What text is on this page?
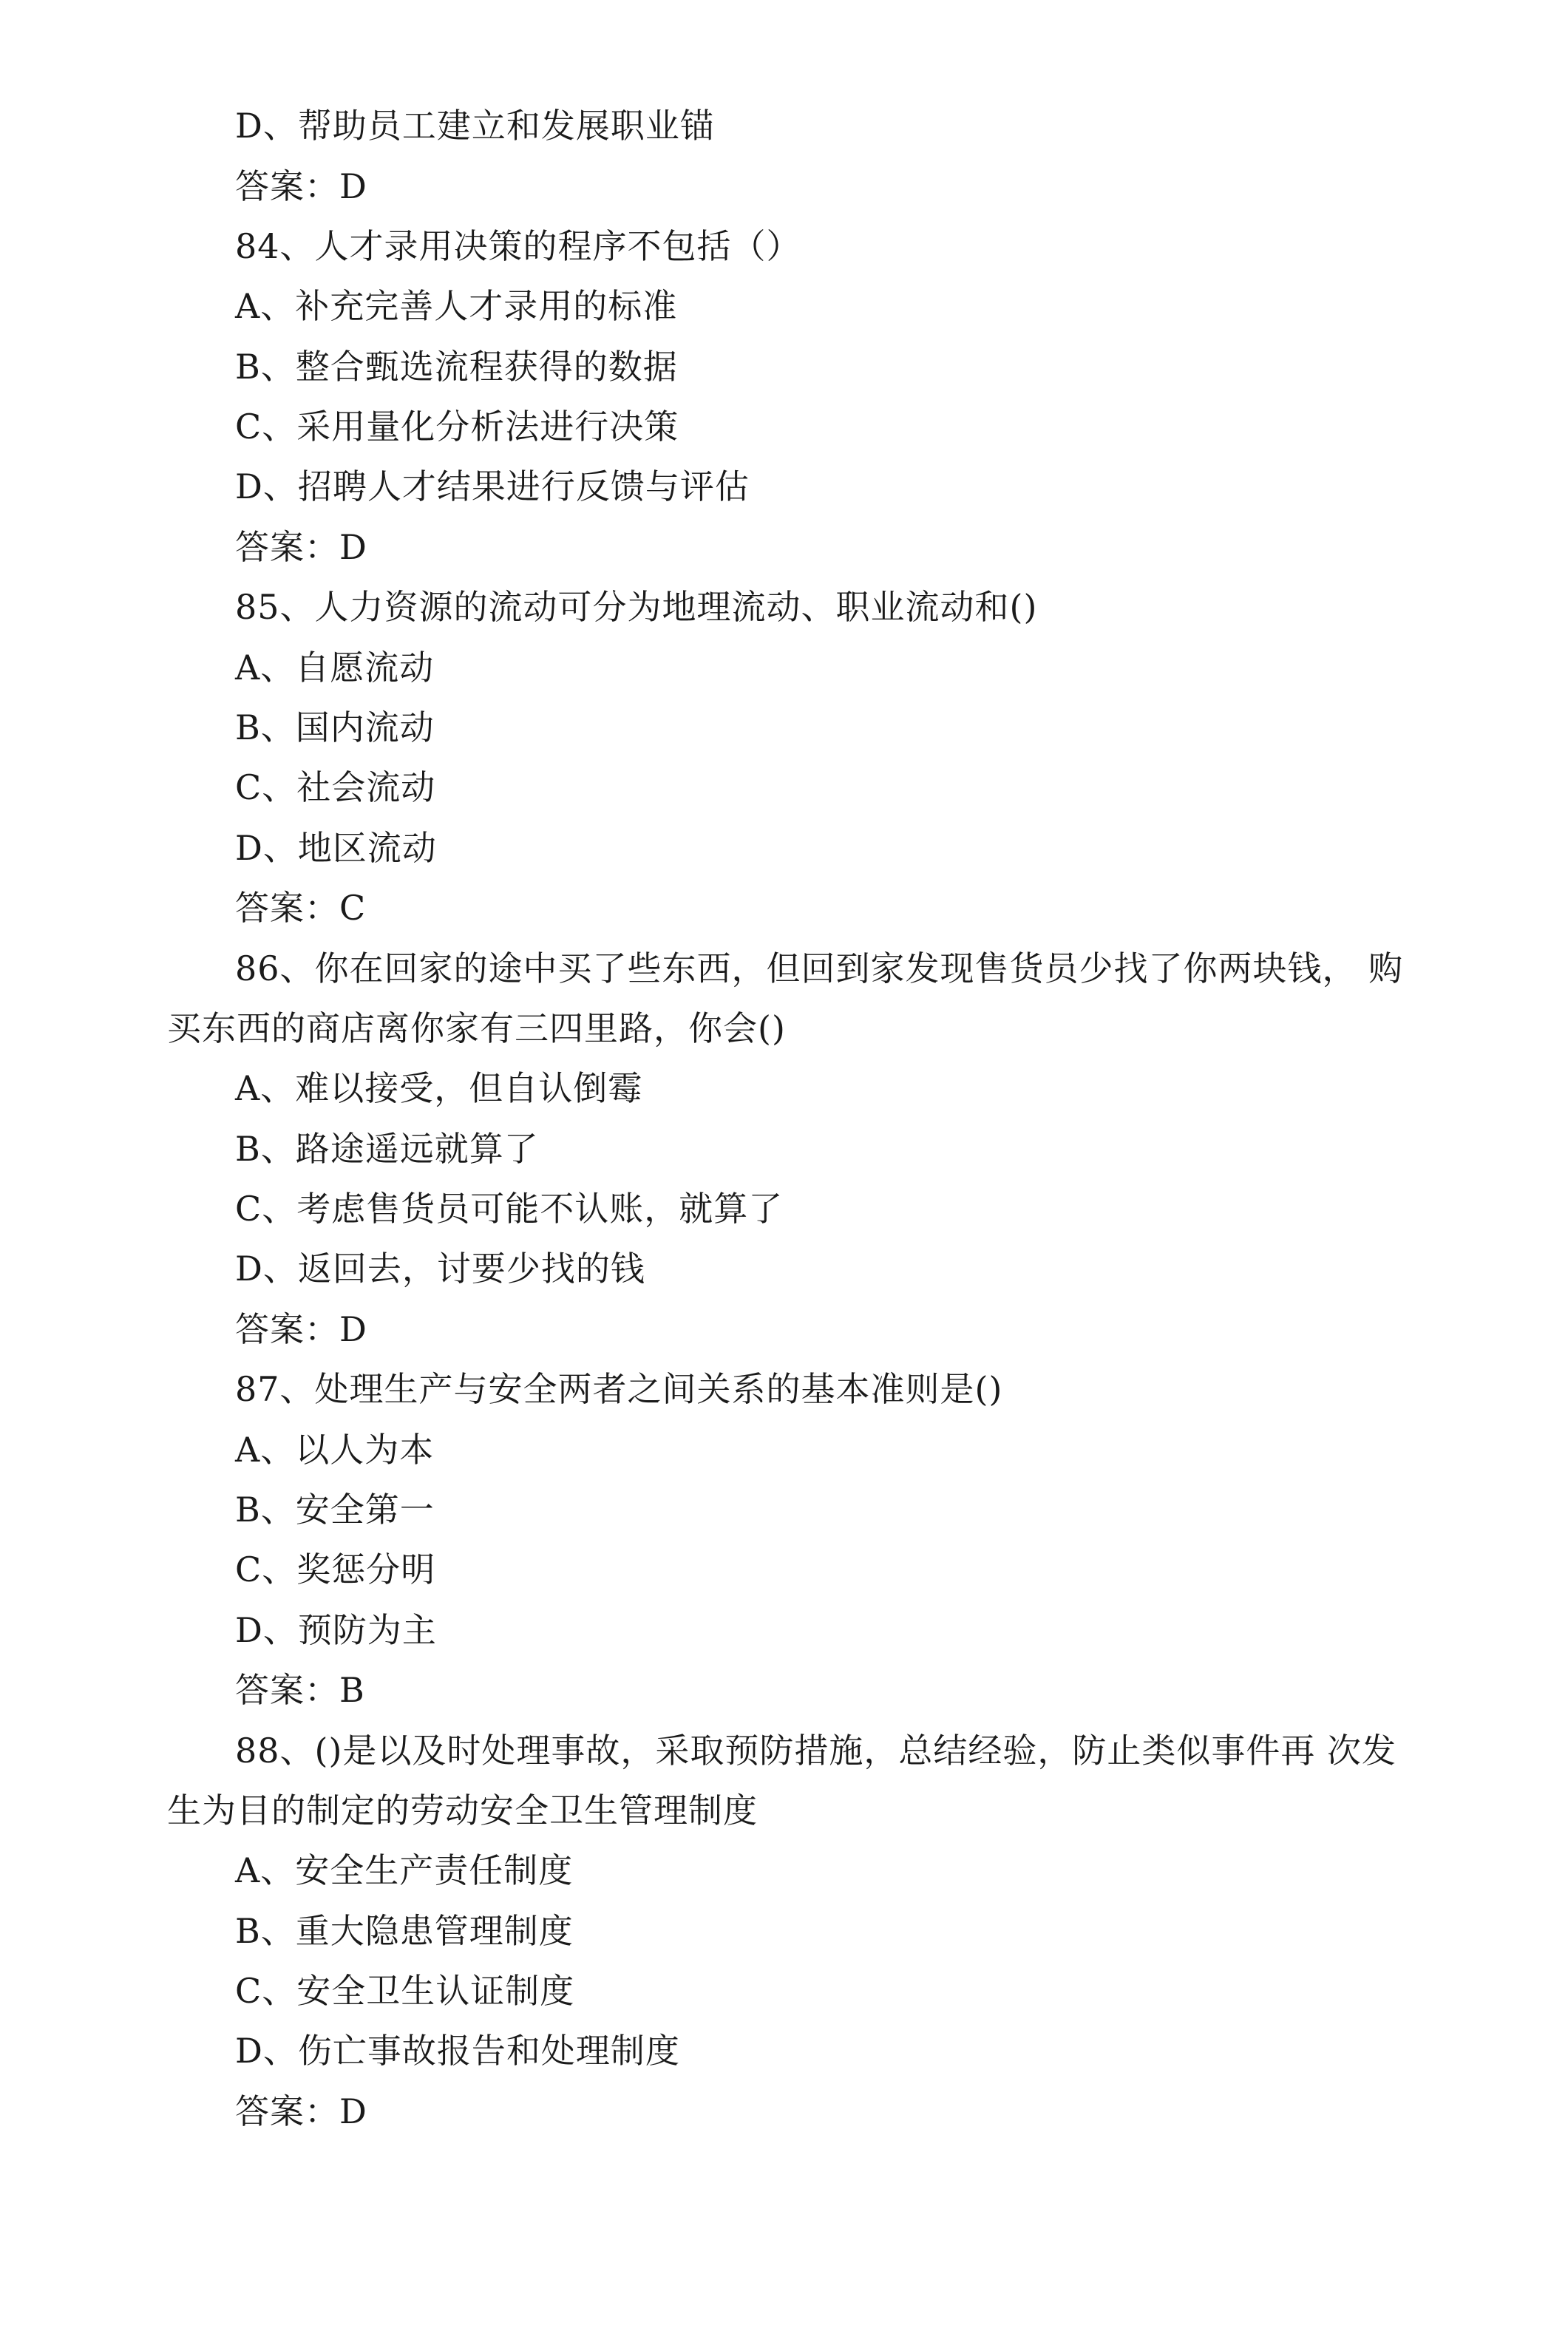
D、帮助员工建立和发展职业锚
答案：D
84、人才录用决策的程序不包括（）
A、补充完善人才录用的标准
B、整合甄选流程获得的数据
C、采用量化分析法进行决策
D、招聘人才结果进行反馈与评估
答案：D
85、人力资源的流动可分为地理流动、职业流动和()
A、自愿流动
B、国内流动
C、社会流动
D、地区流动
答案：C
86、你在回家的途中买了些东西，但回到家发现售货员少找了你两块钱， 购
买东西的商店离你家有三四里路，你会()
A、难以接受，但自认倒霉
B、路途遥远就算了
C、考虑售货员可能不认账，就算了
D、返回去，讨要少找的钱
答案：D
87、处理生产与安全两者之间关系的基本准则是()
A、以人为本
B、安全第一
C、奖惩分明
D、预防为主
答案：B
88、()是以及时处理事故，采取预防措施，总结经验，防止类似事件再 次发
生为目的制定的劳动安全卫生管理制度
A、安全生产责任制度
B、重大隐患管理制度
C、安全卫生认证制度
D、伤亡事故报告和处理制度
答案：D
